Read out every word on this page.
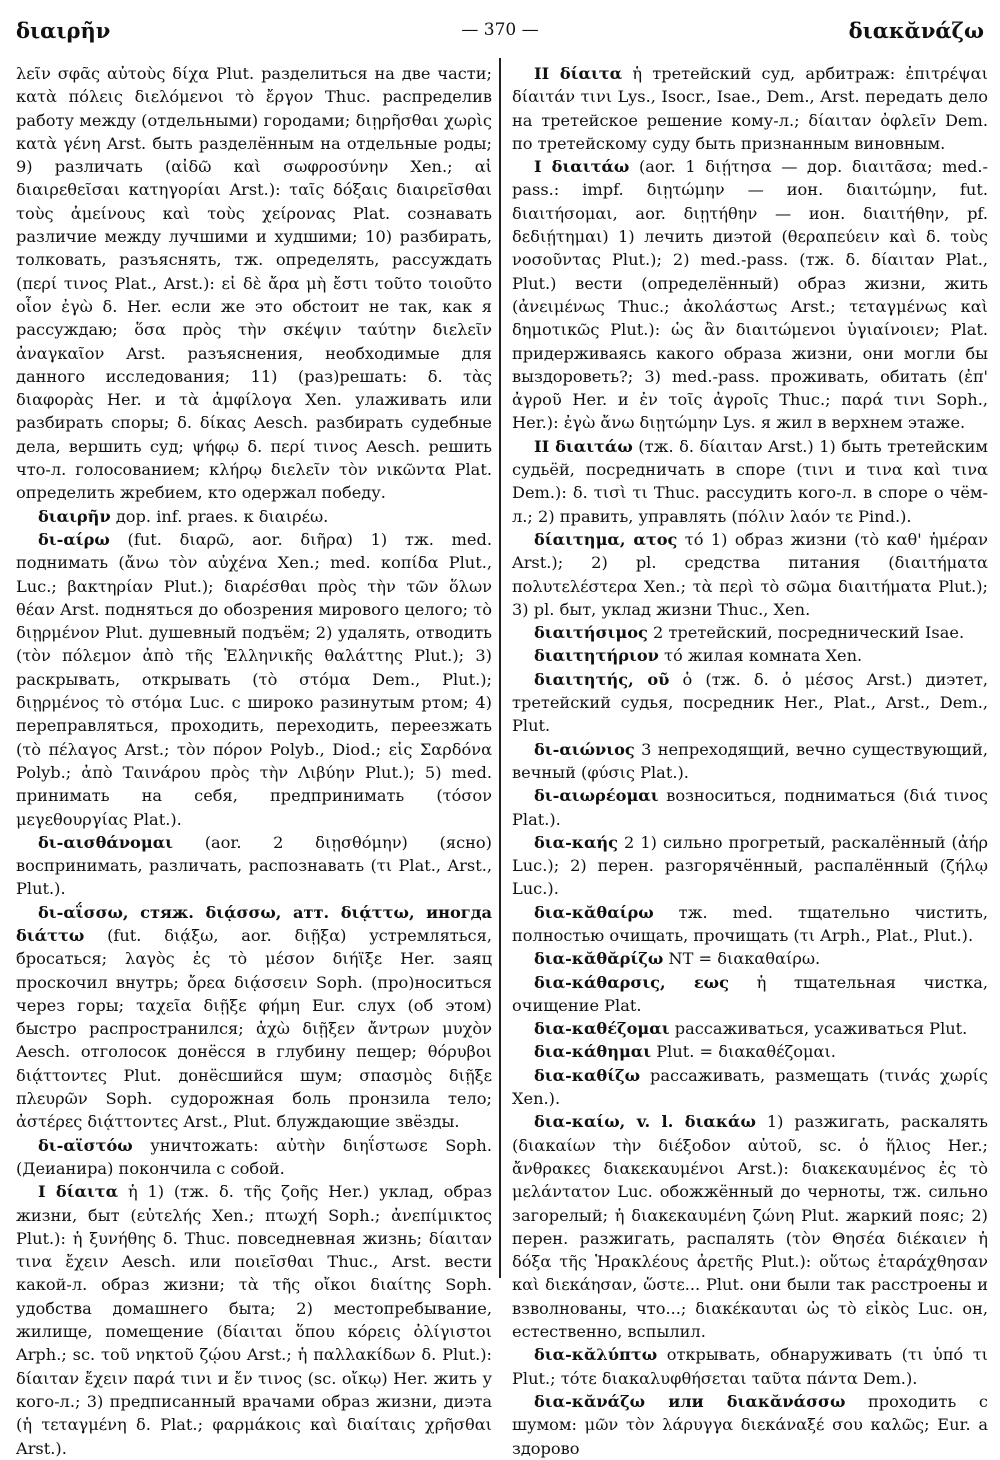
διαιρῆν	— 370 —	διακᾰνάζω

λεῖν σφᾶς αὐτοὺς δίχα Plut. разделиться на две части; κατὰ πόλεις διελόμενοι τὸ ἔργον Thuc. распределив работу между (отдельными) городами; διῃρῆσθαι χωρὶς κατὰ γένη Arst. быть разделённым на отдельные роды; 9) различать (αἰδῶ καὶ σωφροσύνην Xen.; αἱ διαιρεθεῖσαι κατηγορίαι Arst.): ταῖς δόξαις διαιρεῖσθαι τοὺς ἀμείνους καὶ τοὺς χείρονας Plat. сознавать различие между лучшими и худшими; 10) разбирать, толковать, разъяснять, тж. определять, рассуждать (περί τινος Plat., Arst.): εἰ δὲ ἄρα μὴ ἔστι τοῦτο τοιοῦτο οἷον ἐγὼ δ. Her. если же это обстоит не так, как я рассуждаю; ὅσα πρὸς τὴν σκέψιν ταύτην διελεῖν ἀναγκαῖον Arst. разъяснения, необходимые для данного исследования; 11) (раз)решать: δ. τὰς διαφορὰς Her. и τὰ ἀμφίλογα Xen. улаживать или разбирать споры; δ. δίκας Aesch. разбирать судебные дела, вершить суд; ψήφῳ δ. περί τινος Aesch. решить что-л. голосованием; κλήρῳ διελεῖν τὸν νικῶντα Plat. определить жребием, кто одержал победу.

διαιρῆν дор. inf. praes. к διαιρέω.

δι-αίρω (fut. διαρῶ, aor. διῆρα) 1) тж. med. поднимать (ἄνω τὸν αὐχένα Xen.; med. κοπίδα Plut., Luc.; βακτηρίαν Plut.); διαρέσθαι πρὸς τὴν τῶν ὅλων θέαν Arst. подняться до обозрения мирового целого; τὸ διῃρμένον Plut. душевный подъём; 2) удалять, отводить (τὸν πόλεμον ἀπὸ τῆς Ἑλληνικῆς θαλάττης Plut.); 3) раскрывать, открывать (τὸ στόμα Dem., Plut.); διῃρμένος τὸ στόμα Luc. с широко разинутым ртом; 4) переправляться, проходить, переходить, переезжать (τὸ πέλαγος Arst.; τὸν πόρον Polyb., Diod.; εἰς Σαρδόνα Polyb.; ἀπὸ Ταινάρου πρὸς τὴν Λιβύην Plut.); 5) med. принимать на себя, предпринимать (τόσον μεγεθουργίας Plat.).

δι-αισθάνομαι (aor. 2 διῃσθόμην) (ясно) воспринимать, различать, распознавать (τι Plat., Arst., Plut.).

δι-αΐσσω, стяж. διᾴσσω, атт. διᾴττω, иногда διάττω (fut. διᾴξω, aor. διῇξα) устремляться, бросаться; λαγὸς ἐς τὸ μέσον διήϊξε Her. заяц проскочил внутрь; ὄρεα διᾴσσειν Soph. (про)носиться через горы; ταχεῖα διῇξε φήμη Eur. слух (об этом) быстро распространился; ἀχὼ διῇξεν ἄντρων μυχὸν Aesch. отголосок донёсся в глубину пещер; θόρυβοι διᾴττοντες Plut. донёсшийся шум; σπασμὸς διῇξε πλευρῶν Soph. судорожная боль пронзила тело; ἀστέρες διᾴττοντες Arst., Plut. блуждающие звёзды.

δι-αϊστόω уничтожать: αὐτὴν διηΐστωσε Soph. (Деианира) покончила с собой.

I δίαιτα ἡ 1) (тж. δ. τῆς ζοῆς Her.) уклад, образ жизни, быт (εὐτελής Xen.; πτωχή Soph.; ἀνεπίμικτος Plut.): ἡ ξυνήθης δ. Thuc. повседневная жизнь; δίαιταν τινα ἔχειν Aesch. или ποιεῖσθαι Thuc., Arst. вести какой-л. образ жизни; τὰ τῆς οἴκοι διαίτης Soph. удобства домашнего быта; 2) местопребывание, жилище, помещение (δίαιται ὅπου κόρεις ὀλίγιστοι Arph.; sc. τοῦ νηκτοῦ ζῴου Arst.; ἡ παλλακίδων δ. Plut.): δίαιταν ἔχειν παρά τινι и ἔν τινος (sc. οἴκῳ) Her. жить у кого-л.; 3) предписанный врачами образ жизни, диэта (ἡ τεταγμένη δ. Plat.; φαρμάκοις καὶ διαίταις χρῆσθαι Arst.).

II δίαιτα ἡ третейский суд, арбитраж: ἐπιτρέψαι δίαιτάν τινι Lys., Isocr., Isae., Dem., Arst. передать дело на третейское решение кому-л.; δίαιταν ὀφλεῖν Dem. по третейскому суду быть признанным виновным.

I διαιτάω (aor. 1 διῄτησα — дор. διαιτᾶσα; med.-pass.: impf. διῃτώμην — ион. διαιτώμην, fut. διαιτήσομαι, aor. διῃτήθην — ион. διαιτήθην, pf. δεδιῄτημαι) 1) лечить диэтой (θεραπεύειν καὶ δ. τοὺς νοσοῦντας Plut.); 2) med.-pass. (тж. δ. δίαιταν Plat., Plut.) вести (определённый) образ жизни, жить (ἀνειμένως Thuc.; ἀκολάστως Arst.; τεταγμένως καὶ δημοτικῶς Plut.): ὡς ἂν διαιτώμενοι ὑγιαίνοιεν; Plat. придерживаясь какого образа жизни, они могли бы выздороветь?; 3) med.-pass. проживать, обитать (ἐπ' ἀγροῦ Her. и ἐν τοῖς ἀγροῖς Thuc.; παρά τινι Soph., Her.): ἐγὼ ἄνω διῃτώμην Lys. я жил в верхнем этаже.

II διαιτάω (тж. δ. δίαιταν Arst.) 1) быть третейским судьёй, посредничать в споре (τινι и τινα καὶ τινα Dem.): δ. τισὶ τι Thuc. рассудить кого-л. в споре о чём-л.; 2) править, управлять (πόλιν λαόν τε Pind.).

δίαιτημα, ατος τό 1) образ жизни (τὸ καθ' ἡμέραν Arst.); 2) pl. средства питания (διαιτήματα πολυτελέστερα Xen.; τὰ περὶ τὸ σῶμα διαιτήματα Plut.); 3) pl. быт, уклад жизни Thuc., Xen.

διαιτήσιμος 2 третейский, посреднический Isae.

διαιτητήριον τό жилая комната Xen.

διαιτητής, οῦ ὁ (тж. δ. ὁ μέσος Arst.) диэтет, третейский судья, посредник Her., Plat., Arst., Dem., Plut.

δι-αιώνιος 3 непреходящий, вечно существующий, вечный (φύσις Plat.).

δι-αιωρέομαι возноситься, подниматься (διά τινος Plat.).

δια-καής 2 1) сильно прогретый, раскалённый (ἀήρ Luc.); 2) перен. разгорячённый, распалённый (ζήλῳ Luc.).

δια-κᾰθαίρω тж. med. тщательно чистить, полностью очищать, прочищать (τι Arph., Plat., Plut.).

δια-κᾰθᾰρίζω NT = διακαθαίρω.

δια-κάθαρσις, εως ἡ тщательная чистка, очищение Plat.

δια-καθέζομαι рассаживаться, усаживаться Plut.

δια-κάθημαι Plut. = διακαθέζομαι.

δια-καθίζω рассаживать, размещать (τινάς χωρίς Xen.).

δια-καίω, v. l. διακάω 1) разжигать, раскалять (διακαίων τὴν διέξοδον αὐτοῦ, sc. ὁ ἥλιος Her.; ἄνθρακες διακεκαυμένοι Arst.): διακεκαυμένος ἐς τὸ μελάντατον Luc. обожжённый до черноты, тж. сильно загорелый; ἡ διακεκαυμένη ζώνη Plut. жаркий пояс; 2) перен. разжигать, распалять (τὸν Θησέα διέκαιεν ἡ δόξα τῆς Ἡρακλέους ἀρετῆς Plut.): οὕτως ἐταράχθησαν καὶ διεκάησαν, ὥστε... Plut. они были так расстроены и взволнованы, что...; διακέκαυται ὡς τὸ εἰκὸς Luc. он, естественно, вспылил.

δια-κᾰλύπτω открывать, обнаруживать (τι ὑπό τι Plut.; τότε διακαλυφθήσεται ταῦτα πάντα Dem.).

δια-κᾰνάζω или διακᾰνάσσω проходить с шумом: μῶν τὸν λάρυγγα διεκάναξέ σου καλῶς; Eur. а здорово
